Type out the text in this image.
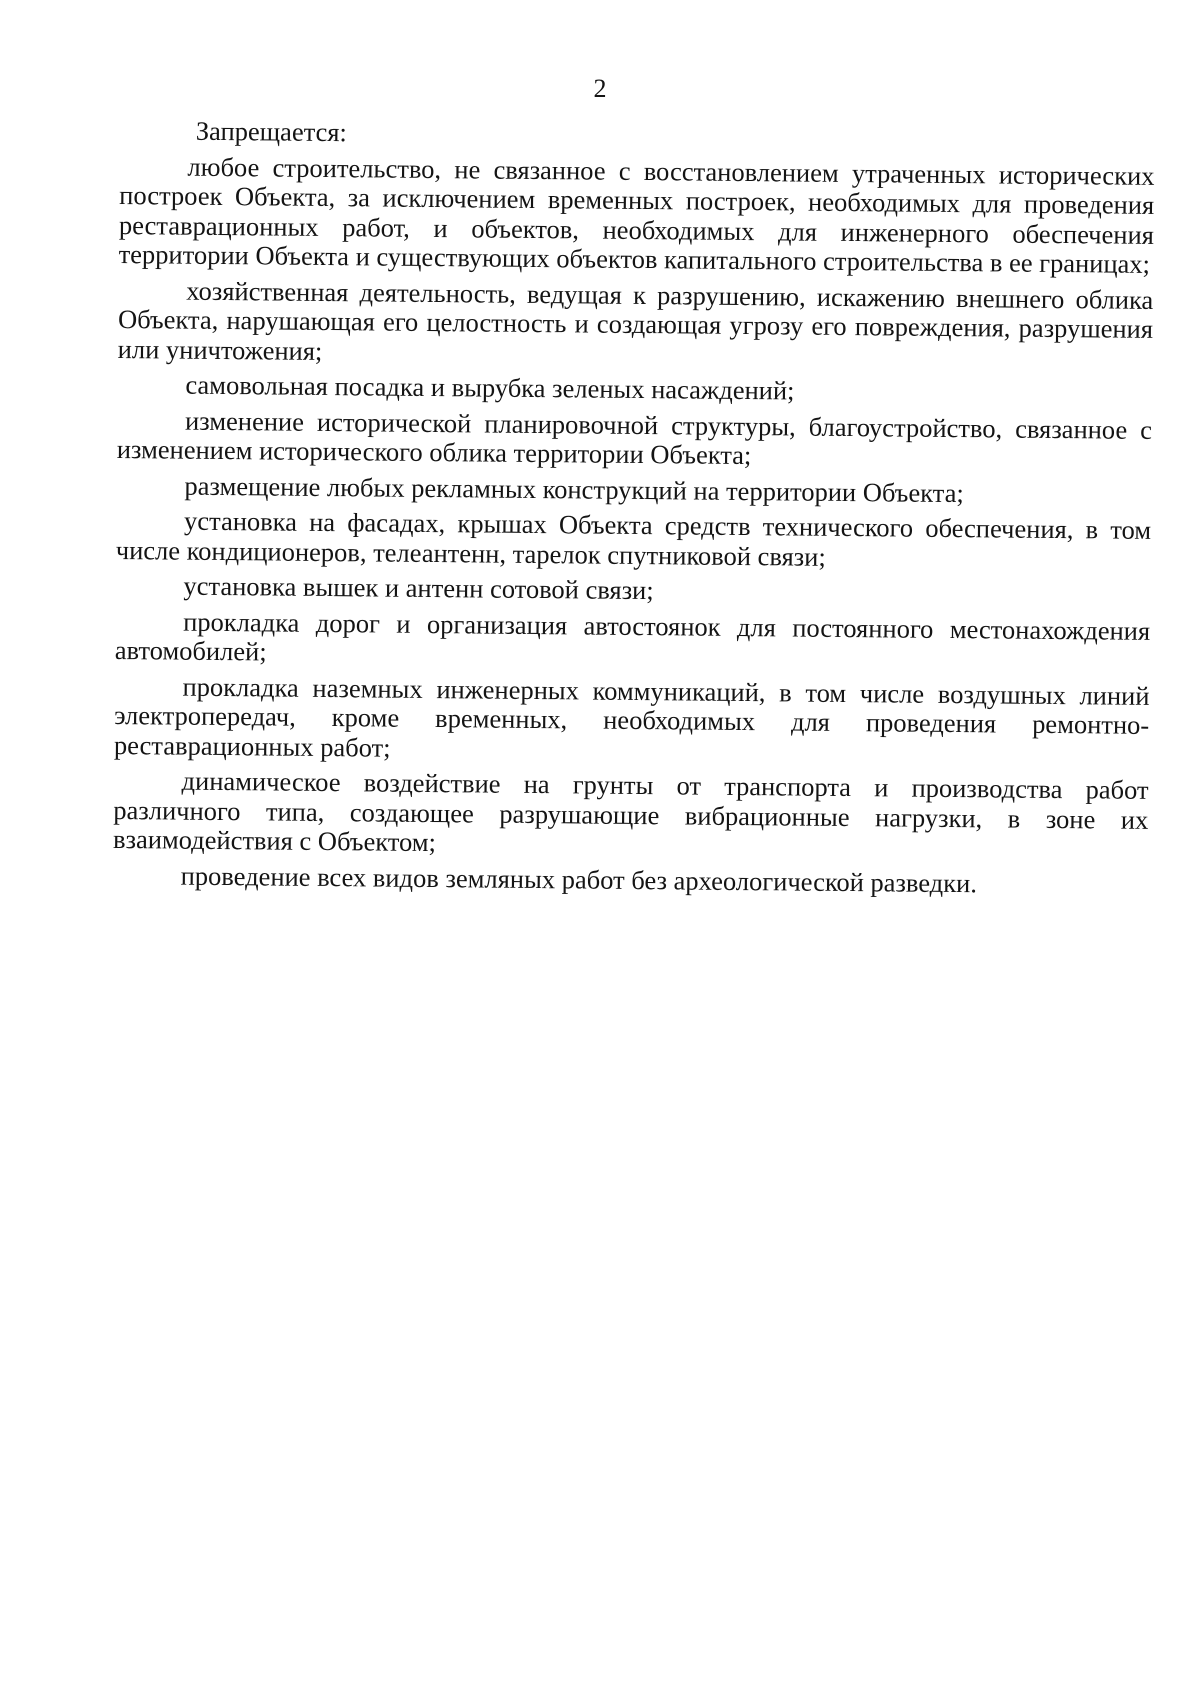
2

Запрещается:

любое строительство, не связанное с восстановлением утраченных исторических построек Объекта, за исключением временных построек, необходимых для проведения реставрационных работ, и объектов, необходимых для инженерного обеспечения территории Объекта и существующих объектов капитального строительства в ее границах;

хозяйственная деятельность, ведущая к разрушению, искажению внешнего облика Объекта, нарушающая его целостность и создающая угрозу его повреждения, разрушения или уничтожения;

самовольная посадка и вырубка зеленых насаждений;

изменение исторической планировочной структуры, благоустройство, связанное с изменением исторического облика территории Объекта;

размещение любых рекламных конструкций на территории Объекта;

установка на фасадах, крышах Объекта средств технического обеспечения, в том числе кондиционеров, телеантенн, тарелок спутниковой связи;

установка вышек и антенн сотовой связи;

прокладка дорог и организация автостоянок для постоянного местонахождения автомобилей;

прокладка наземных инженерных коммуникаций, в том числе воздушных линий электропередач, кроме временных, необходимых для проведения ремонтно-реставрационных работ;

динамическое воздействие на грунты от транспорта и производства работ различного типа, создающее разрушающие вибрационные нагрузки, в зоне их взаимодействия с Объектом;

проведение всех видов земляных работ без археологической разведки.
